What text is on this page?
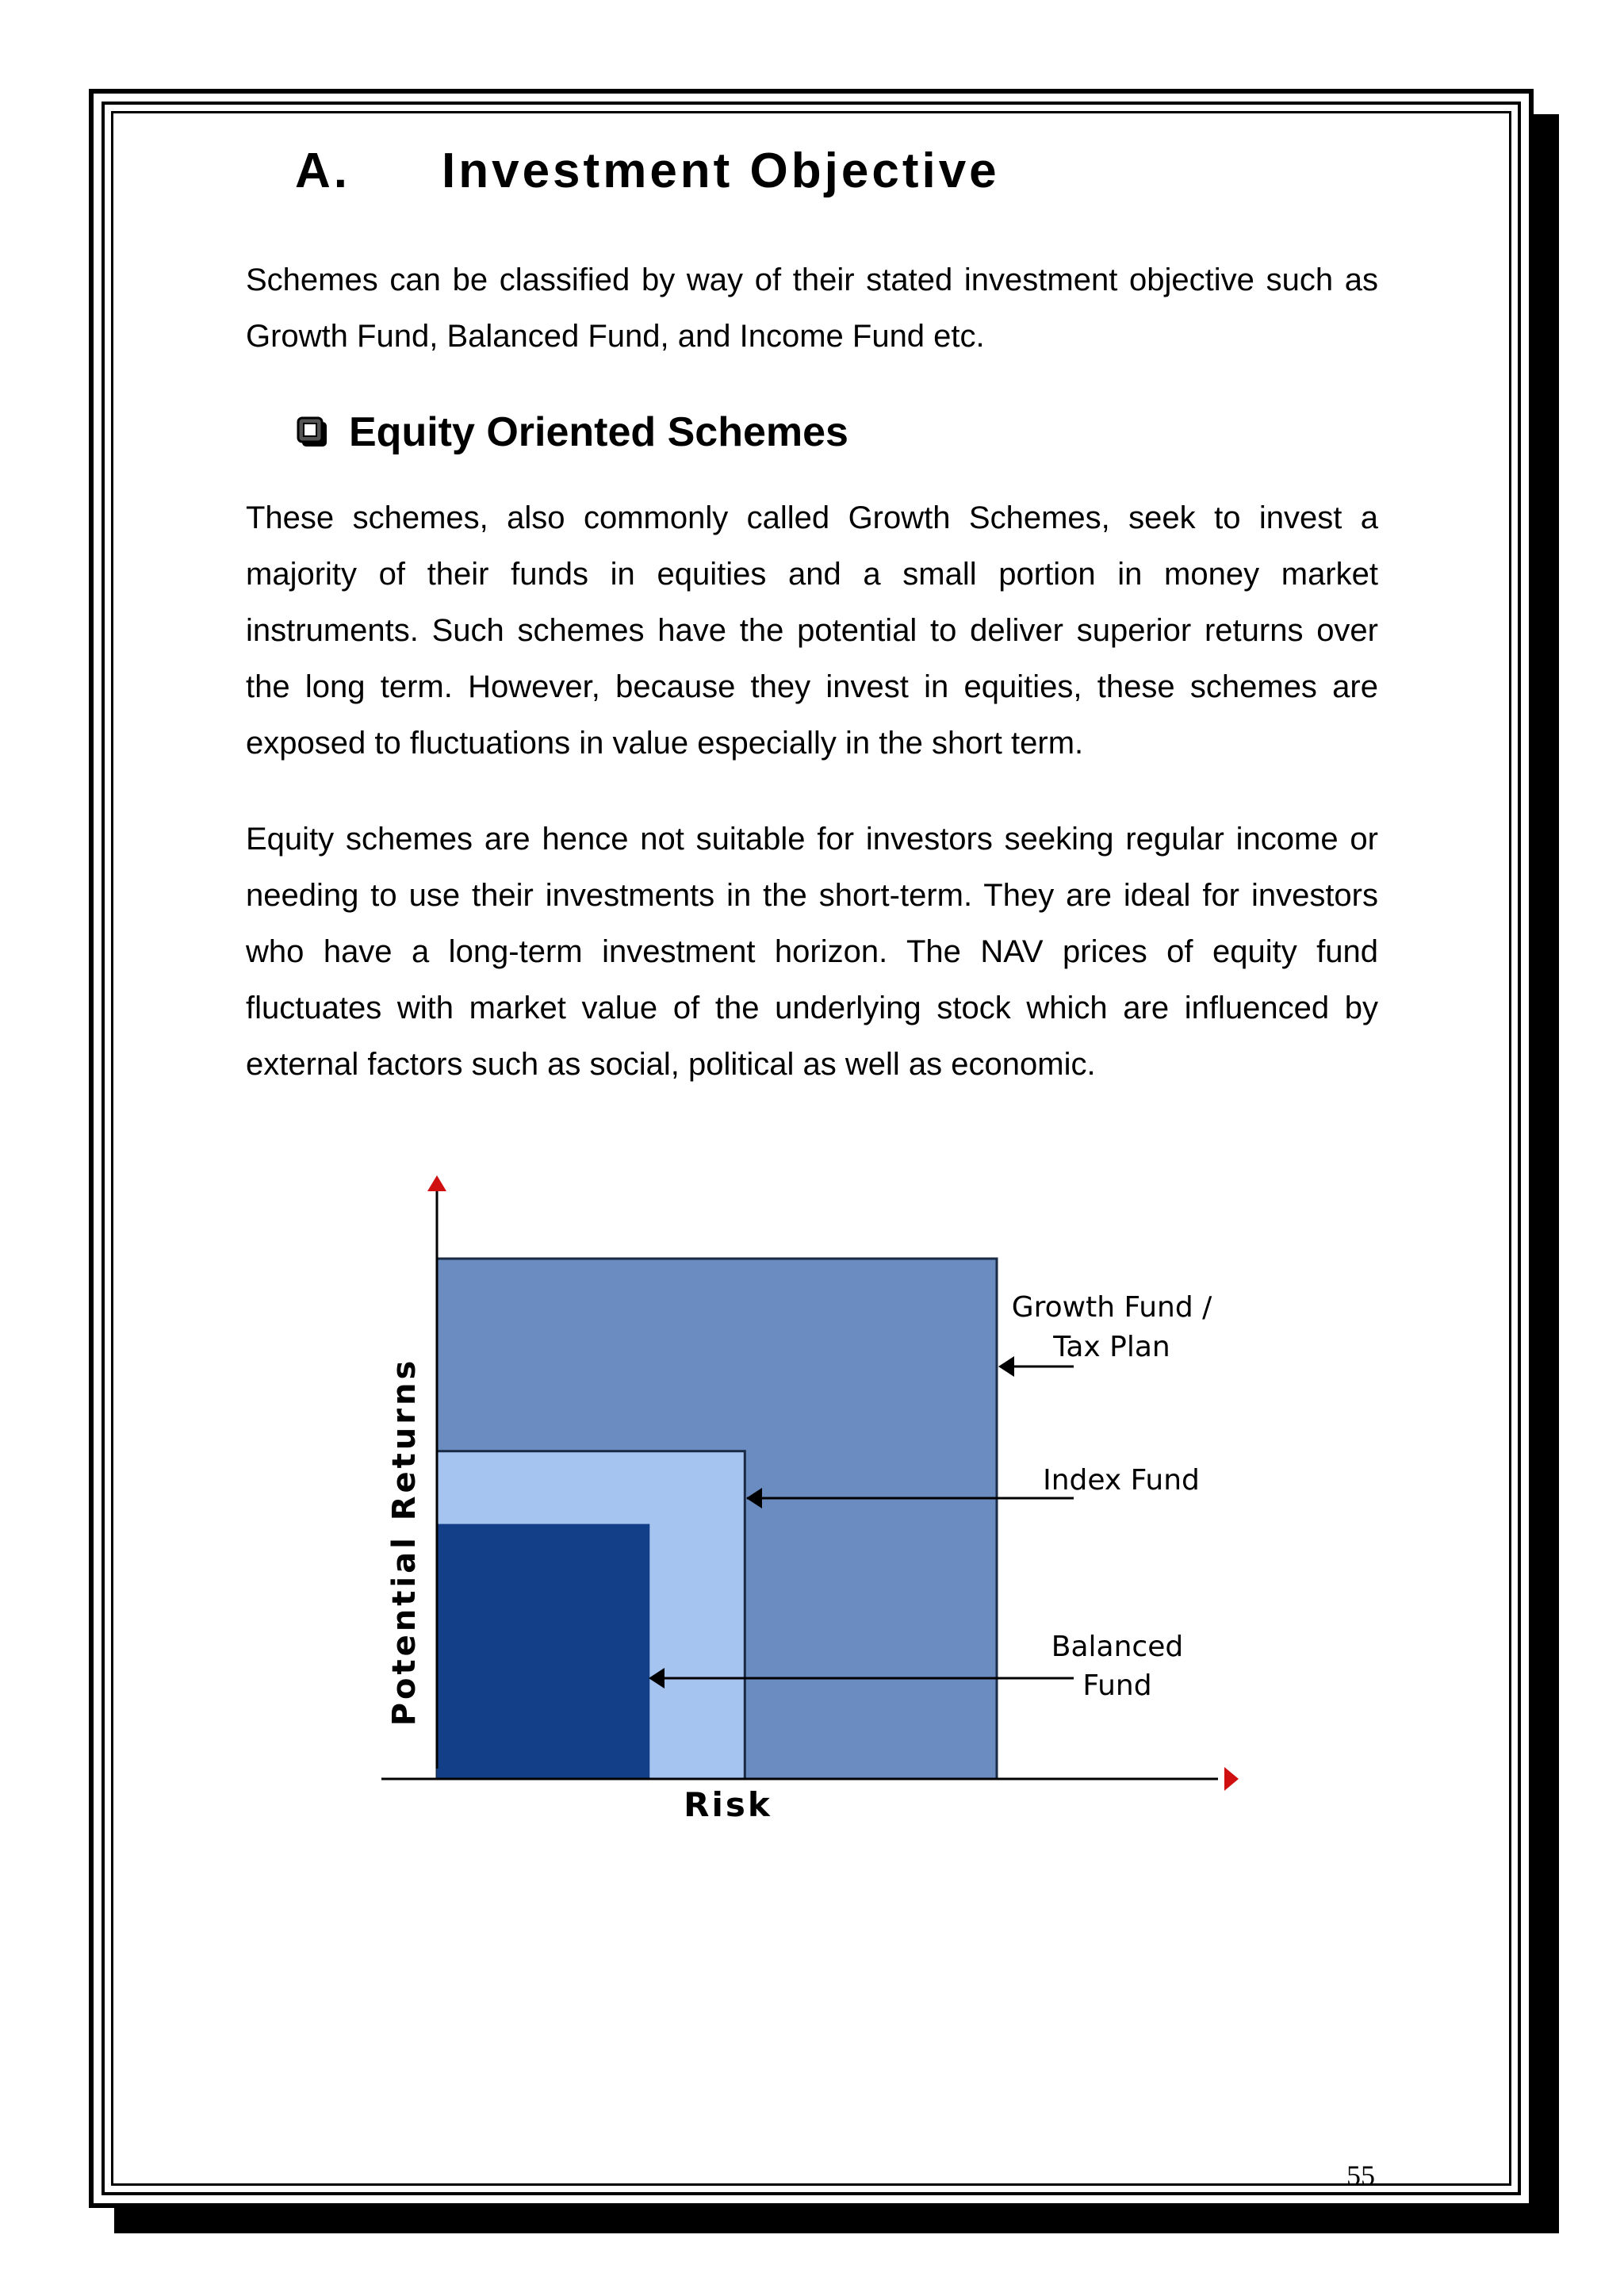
A. Investment Objective

Schemes can be classified by way of their stated investment objective such as Growth Fund, Balanced Fund, and Income Fund etc.

Equity Oriented Schemes

These schemes, also commonly called Growth Schemes, seek to invest a majority of their funds in equities and a small portion in money market instruments. Such schemes have the potential to deliver superior returns over the long term. However, because they invest in equities, these schemes are exposed to fluctuations in value especially in the short term.

Equity schemes are hence not suitable for investors seeking regular income or needing to use their investments in the short-term. They are ideal for investors who have a long-term investment horizon. The NAV prices of equity fund fluctuates with market value of the underlying stock which are influenced by external factors such as social, political as well as economic.

Potential Returns
Risk
Growth Fund /
Tax Plan
Index Fund
Balanced
Fund
55
